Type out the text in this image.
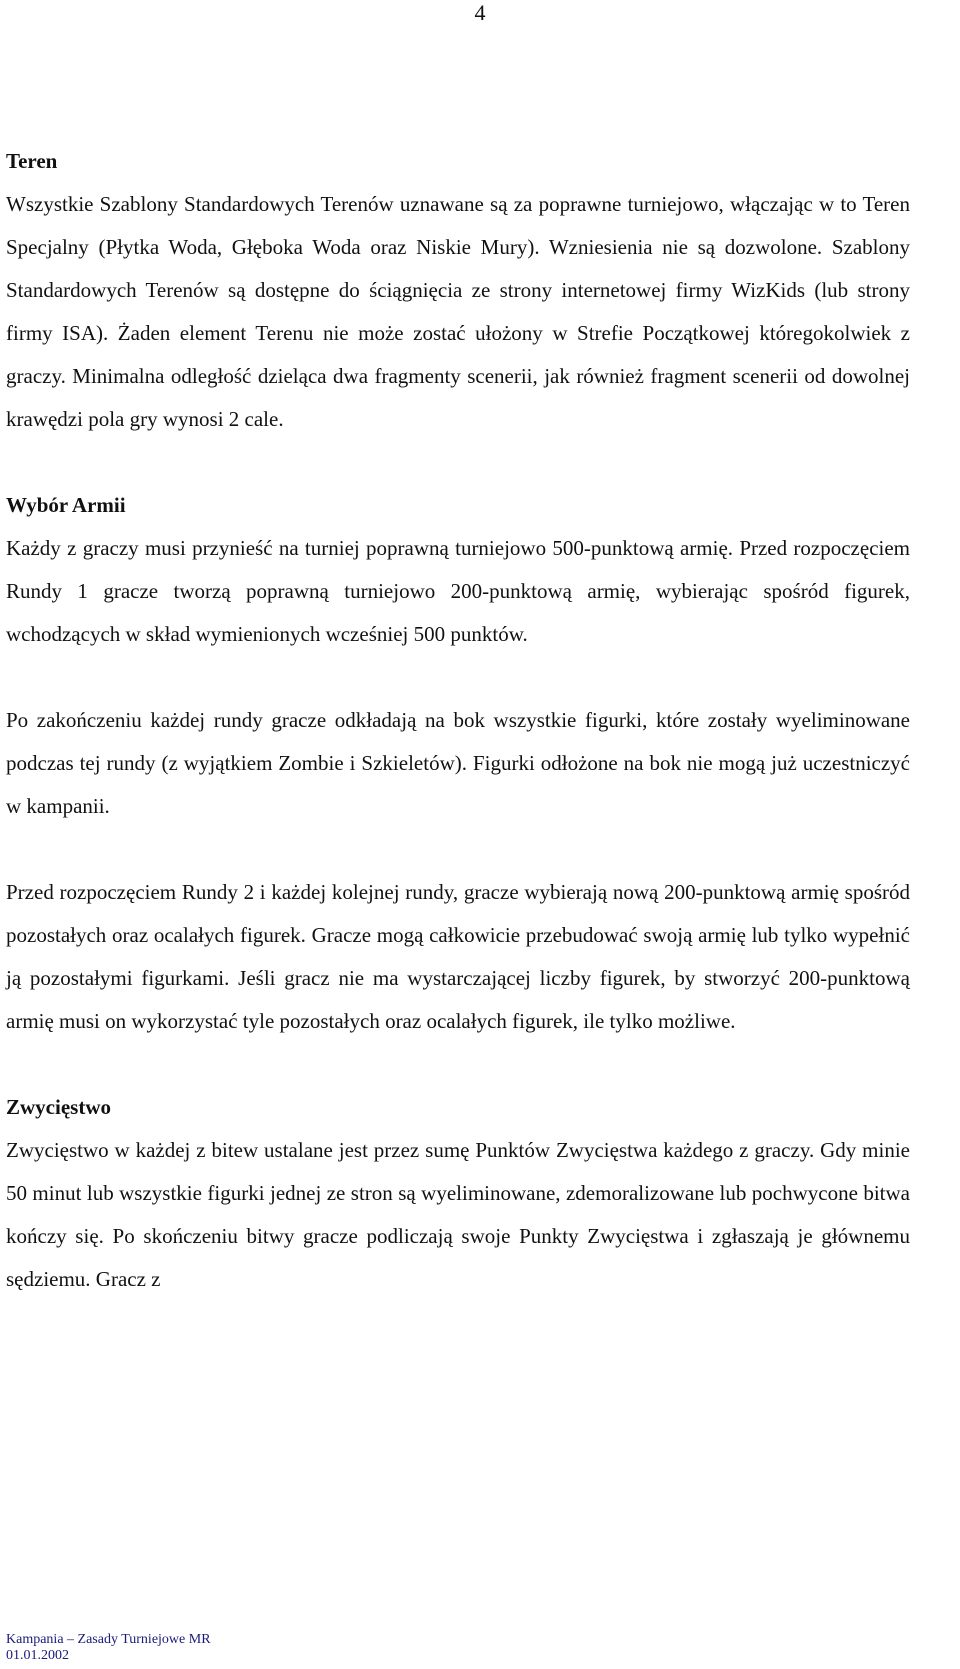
4
Teren

Wszystkie Szablony Standardowych Terenów uznawane są za poprawne turniejowo, włączając w to Teren Specjalny (Płytka Woda, Głęboka Woda oraz Niskie Mury). Wzniesienia nie są dozwolone. Szablony Standardowych Terenów są dostępne do ściągnięcia ze strony internetowej firmy WizKids (lub strony firmy ISA). Żaden element Terenu nie może zostać ułożony w Strefie Początkowej któregokolwiek z graczy. Minimalna odległość dzieląca dwa fragmenty scenerii, jak również fragment scenerii od dowolnej krawędzi pola gry wynosi 2 cale.

Wybór Armii

Każdy z graczy musi przynieść na turniej poprawną turniejowo 500-punktową armię. Przed rozpoczęciem Rundy 1 gracze tworzą poprawną turniejowo 200-punktową armię, wybierając spośród figurek, wchodzących w skład wymienionych wcześniej 500 punktów.

Po zakończeniu każdej rundy gracze odkładają na bok wszystkie figurki, które zostały wyeliminowane podczas tej rundy (z wyjątkiem Zombie i Szkieletów). Figurki odłożone na bok nie mogą już uczestniczyć w kampanii.

Przed rozpoczęciem Rundy 2 i każdej kolejnej rundy, gracze wybierają nową 200-punktową armię spośród pozostałych oraz ocalałych figurek. Gracze mogą całkowicie przebudować swoją armię lub tylko wypełnić ją pozostałymi figurkami. Jeśli gracz nie ma wystarczającej liczby figurek, by stworzyć 200-punktową armię musi on wykorzystać tyle pozostałych oraz ocalałych figurek, ile tylko możliwe.

Zwycięstwo

Zwycięstwo w każdej z bitew ustalane jest przez sumę Punktów Zwycięstwa każdego z graczy. Gdy minie 50 minut lub wszystkie figurki jednej ze stron są wyeliminowane, zdemoralizowane lub pochwycone bitwa kończy się. Po skończeniu bitwy gracze podliczają swoje Punkty Zwycięstwa i zgłaszają je głównemu sędziemu. Gracz z

Kampania – Zasady Turniejowe MR
01.01.2002
